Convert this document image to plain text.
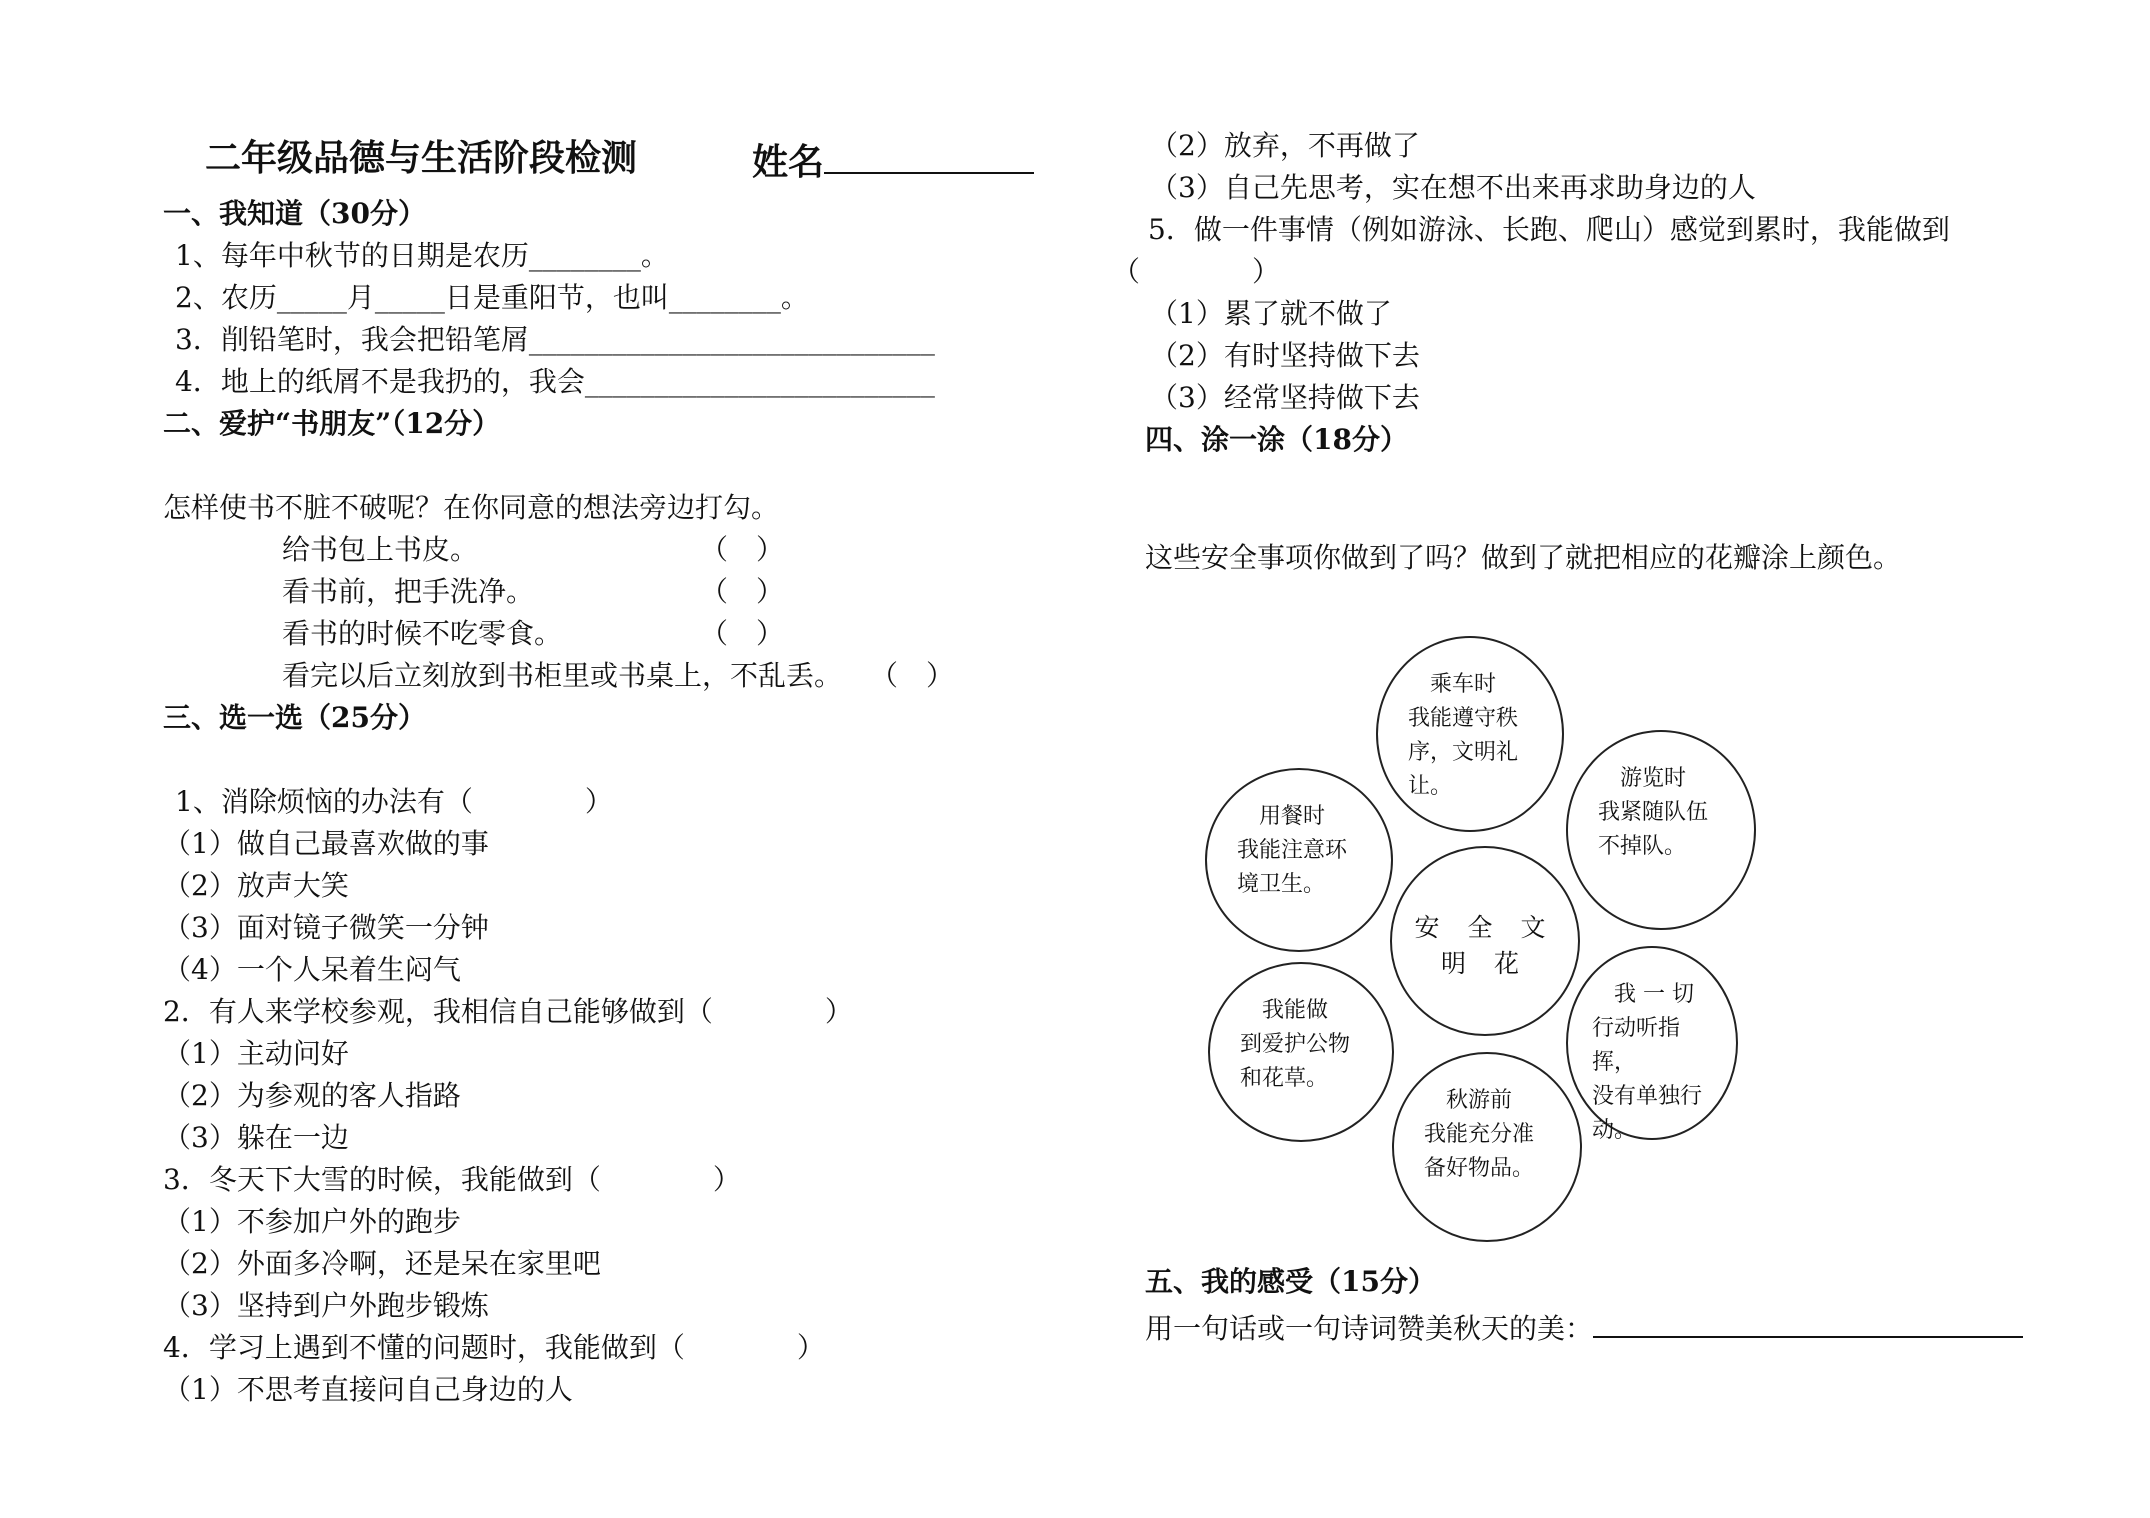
二年级品德与生活阶段检测	姓名
一、我知道（30分）
1、每年中秋节的日期是农历________。
2、农历_____月_____日是重阳节，也叫________。
3．削铅笔时，我会把铅笔屑_____________________________
4．地上的纸屑不是我扔的，我会_________________________
二、爱护“书朋友”（12分）
怎样使书不脏不破呢？在你同意的想法旁边打勾。
给书包上书皮。	（　）
看书前，把手洗净。	（　）
看书的时候不吃零食。	（　）
看完以后立刻放到书柜里或书桌上，不乱丢。 （　）
三、选一选（25分）
1、消除烦恼的办法有（　　　　）
（1）做自己最喜欢做的事
（2）放声大笑
（3）面对镜子微笑一分钟
（4）一个人呆着生闷气
2．有人来学校参观，我相信自己能够做到（　　　　）
（1）主动问好
（2）为参观的客人指路
（3）躲在一边
3．冬天下大雪的时候，我能做到（　　　　）
（1）不参加户外的跑步
（2）外面多冷啊，还是呆在家里吧
（3）坚持到户外跑步锻炼
4．学习上遇到不懂的问题时，我能做到（　　　　）
（1）不思考直接问自己身边的人
（2）放弃，不再做了
（3）自己先思考，实在想不出来再求助身边的人
5．做一件事情（例如游泳、长跑、爬山）感觉到累时，我能做到
（　　　　）
（1）累了就不做了
（2）有时坚持做下去
（3）经常坚持做下去
四、涂一涂（18分）
这些安全事项你做到了吗？做到了就把相应的花瓣涂上颜色。
　乘车时
我能遵守秩
序，文明礼
让。
　用餐时
我能注意环
境卫生。
　游览时
我紧随队伍
不掉队。
安 全 文
明 花
　我能做
到爱护公物
和花草。
　我 一 切
行动听指挥，
没有单独行
动。
　秋游前
我能充分准
备好物品。
五、我的感受（15分）
用一句话或一句诗词赞美秋天的美：
